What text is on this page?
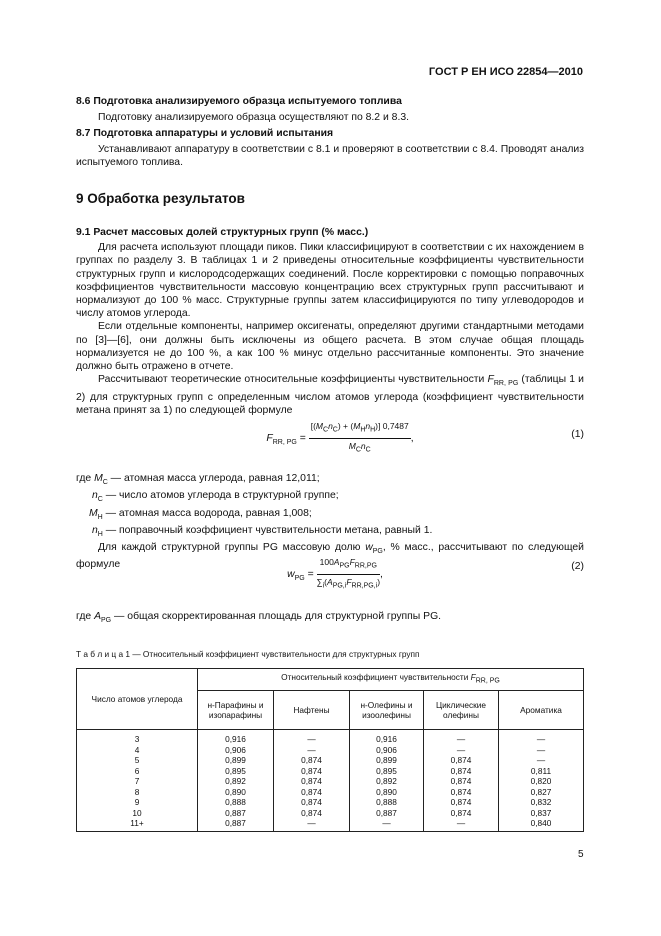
ГОСТ Р ЕН ИСО 22854—2010

8.6 Подготовка анализируемого образца испытуемого топлива

Подготовку анализируемого образца осуществляют по 8.2 и 8.3.

8.7 Подготовка аппаратуры и условий испытания

Устанавливают аппаратуру в соответствии с 8.1 и проверяют в соответствии с 8.4. Проводят анализ испытуемого топлива.

9 Обработка результатов

9.1 Расчет массовых долей структурных групп (% масс.)

Для расчета используют площади пиков. Пики классифицируют в соответствии с их нахождением в группах по разделу 3. В таблицах 1 и 2 приведены относительные коэффициенты чувствительности структурных групп и кислородсодержащих соединений. После корректировки с помощью поправочных коэффициентов чувствительности массовую концентрацию всех структурных групп рассчитывают и нормализуют до 100 % масс. Структурные группы затем классифицируются по типу углеводородов и числу атомов углерода.

Если отдельные компоненты, например оксигенаты, определяют другими стандартными методами по [3]—[6], они должны быть исключены из общего расчета. В этом случае общая площадь нормализуется не до 100 %, а как 100 % минус отдельно рассчитанные компоненты. Это значение должно быть отражено в отчете.

Рассчитывают теоретические относительные коэффициенты чувствительности $F_{RR, PG}$ (таблицы 1 и 2) для структурных групп с определенным числом атомов углерода (коэффициент чувствительности метана принят за 1) по следующей формуле

$F_{RR, PG} = \frac{[(M_Cn_C) + (M_Hn_H)] 0,7487}{M_Cn_C}$ ,	(1)
где $M_C$ — атомная масса углерода, равная 12,011;
$n_C$ — число атомов углерода в структурной группе;
$M_H$ — атомная масса водорода, равная 1,008;
$n_H$ — поправочный коэффициент чувствительности метана, равный 1.

Для каждой структурной группы PG массовую долю $w_{PG}$, % масс., рассчитывают по следующей формуле

$w_{PG} = \frac{100A_{PG}F_{RR,PG}}{\sum_i(A_{PG,i}F_{RR,PG,i})}$ ,
(2)
где $A_{PG}$ — общая скорректированная площадь для структурной группы PG.
Т а б л и ц а 1 — Относительный коэффициент чувствительности для структурных групп
Число атомов углерода	Относительный коэффициент чувствительности $F_{RR, PG}$
	н-Парафины и изопарафины	Нафтены	н-Олефины и изоолефины	Циклические олефины	Ароматика
3	0,916	—	0,916	—	—
4	0,906	—	0,906	—	—
5	0,899	0,874	0,899	0,874	—
6	0,895	0,874	0,895	0,874	0,811
7	0,892	0,874	0,892	0,874	0,820
8	0,890	0,874	0,890	0,874	0,827
9	0,888	0,874	0,888	0,874	0,832
10	0,887	0,874	0,887	0,874	0,837
11+	0,887	—	—	—	0,840
5
